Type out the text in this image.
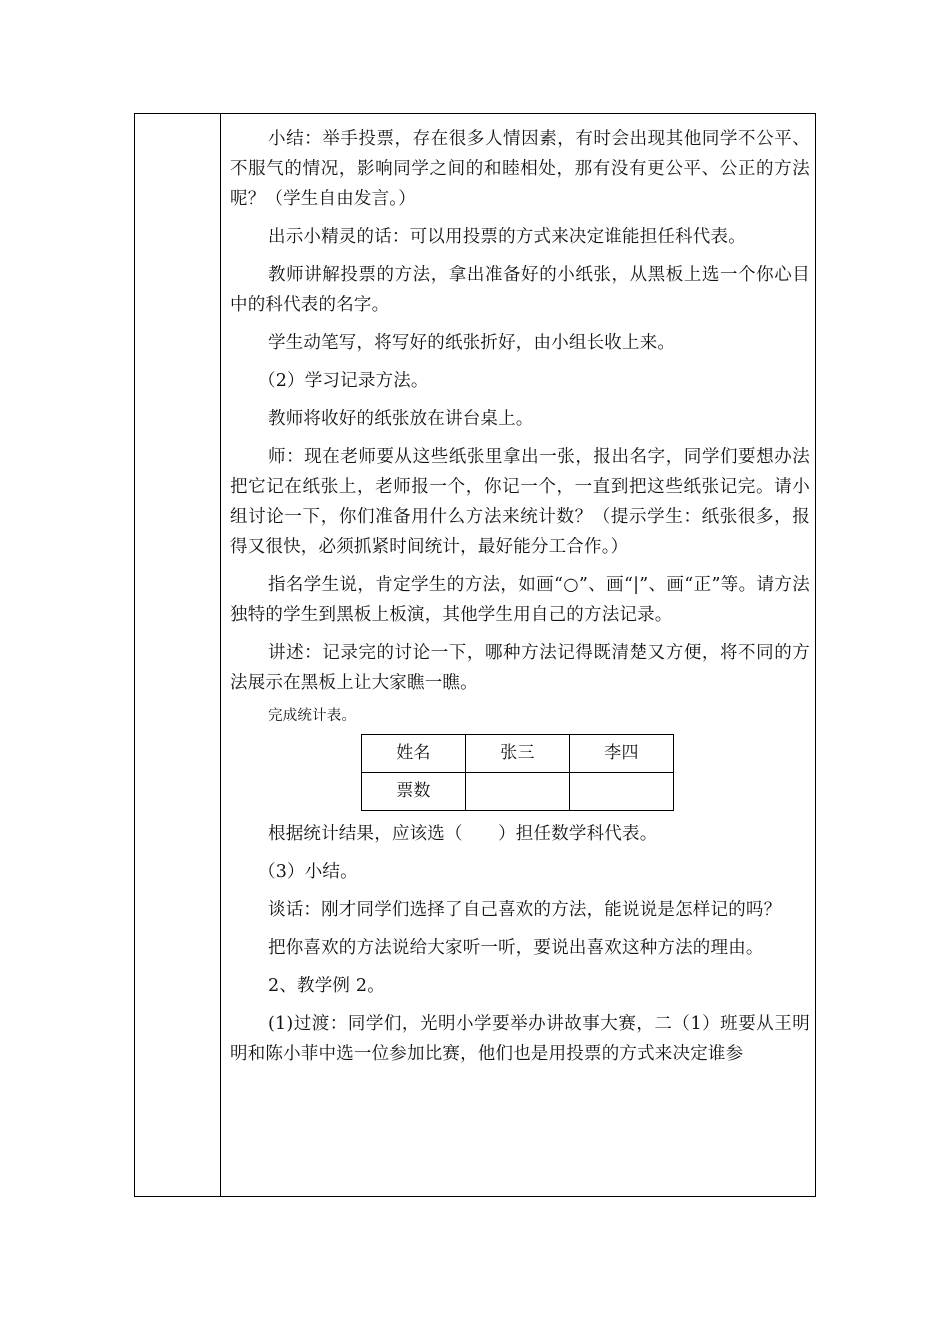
小结：举手投票，存在很多人情因素，有时会出现其他同学不公平、不服气的情况，影响同学之间的和睦相处，那有没有更公平、公正的方法呢？（学生自由发言。）

出示小精灵的话：可以用投票的方式来决定谁能担任科代表。

教师讲解投票的方法，拿出准备好的小纸张，从黑板上选一个你心目中的科代表的名字。

学生动笔写，将写好的纸张折好，由小组长收上来。

（2）学习记录方法。

教师将收好的纸张放在讲台桌上。

师：现在老师要从这些纸张里拿出一张，报出名字，同学们要想办法把它记在纸张上，老师报一个，你记一个，一直到把这些纸张记完。请小组讨论一下，你们准备用什么方法来统计数？（提示学生：纸张很多，报得又很快，必须抓紧时间统计，最好能分工合作。）

指名学生说，肯定学生的方法，如画“○”、画“|”、画“正”等。请方法独特的学生到黑板上板演，其他学生用自己的方法记录。

讲述：记录完的讨论一下，哪种方法记得既清楚又方便，将不同的方法展示在黑板上让大家瞧一瞧。

完成统计表。

姓名	张三	李四
票数		

根据统计结果，应该选（　　）担任数学科代表。

（3）小结。

谈话：刚才同学们选择了自己喜欢的方法，能说说是怎样记的吗？

把你喜欢的方法说给大家听一听，要说出喜欢这种方法的理由。

2、教学例 2。

(1)过渡：同学们，光明小学要举办讲故事大赛，二（1）班要从王明明和陈小菲中选一位参加比赛，他们也是用投票的方式来决定谁参
